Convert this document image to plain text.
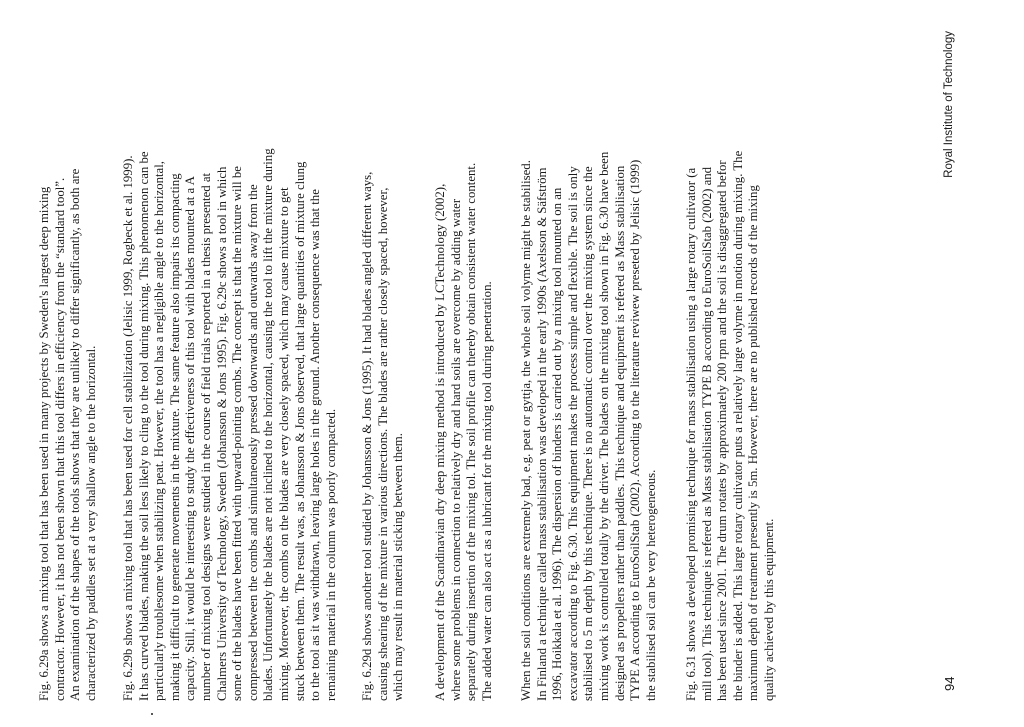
Fig. 6.29a shows a mixing tool that has been used in many projects by Sweden's largest deep mixing contractor. However, it has not been shown that this tool differs in efficiency from the “standard tool”. An examination of the shapes of the tools shows that they are unlikely to differ significantly, as both are characterized by paddles set at a very shallow angle to the horizontal. Fig. 6.29b shows a mixing tool that has been used for cell stabilization (Jelisic 1999, Rogbeck et al. 1999). It has curved blades, making the soil less likely to cling to the tool during mixing. This phenomenon can be particularly troublesome when stabilizing peat. However, the tool has a negligible angle to the horizontal, making it difficult to generate movements in the mixture. The same feature also impairs its compacting capacity. Still, it would be interesting to study the effectiveness of this tool with blades mounted at a A number of mixing tool designs were studied in the course of field trials reported in a thesis presented at Chalmers University of Technology, Sweden (Johansson & Jons 1995). Fig. 6.29c shows a tool in which some of the blades have been fitted with upward-pointing combs. The concept is that the mixture will be compressed between the combs and simultaneously pressed downwards and outwards away from the blades. Unfortunately the blades are not inclined to the horizontal, causing the tool to lift the mixture during mixing. Moreover, the combs on the blades are very closely spaced, which may cause mixture to get stuck between them. The result was, as Johansson & Jons observed, that large quantities of mixture clung to the tool as it was withdrawn, leaving large holes in the ground. Another consequence was that the remaining material in the column was poorly compacted. Fig. 6.29d shows another tool studied by Johansson & Jons (1995). It had blades angled different ways, causing shearing of the mixture in various directions. The blades are rather closely spaced, however, which may result in material sticking between them. A development of the Scandinavian dry deep mixing method is introduced by LCTechnology (2002), where some problems in connection to relatively dry and hard soils are overcome by adding water separately during insertion of the mixing tol. The soil profile can thereby obtain consistent water content. The added water can also act as a lubricant for the mixing tool during penetration. When the soil conditions are extremely bad, e.g. peat or gyttja, the whole soil volyme might be stabilised. In Finland a technique called mass stabilisation was developed in the early 1990s (Axelsson & Säfström 1996, Hoikkala et al. 1996). The dispersion of binders is carried out by a mixing tool mounted on an excavator according to Fig. 6.30. This equipment makes the process simple and flexible. The soil is only stabilised to 5 m depth by this technique. There is no automatic control over the mixing system since the mixing work is controlled totally by the driver. The blades on the mixing tool shown in Fig. 6.30 have been designed as propellers rather than paddles. This technique and equipment is refered as Mass stabilisation TYPE A according to EuroSoilStab (2002). According to the literature reviwew preseted by Jelisic (1999) the stabilised soil can be very heterogeneous. Fig. 6.31 shows a developed promising technique for mass stabilisation using a large rotary cultivator (a mill tool). This technique is refered as Mass stabilisation TYPE B according to EuroSoilStab (2002) and has been used since 2001. The drum rotates by approximately 200 rpm and the soil is disaggregated befor the binder is added. This large rotary cultivator puts a relatively large volyme in motion during mixing. The maximum depth of treatment presently is 5m. However, there are no published records of the mixing quality achieved by this equipment.	94
Royal Institute of Technology
